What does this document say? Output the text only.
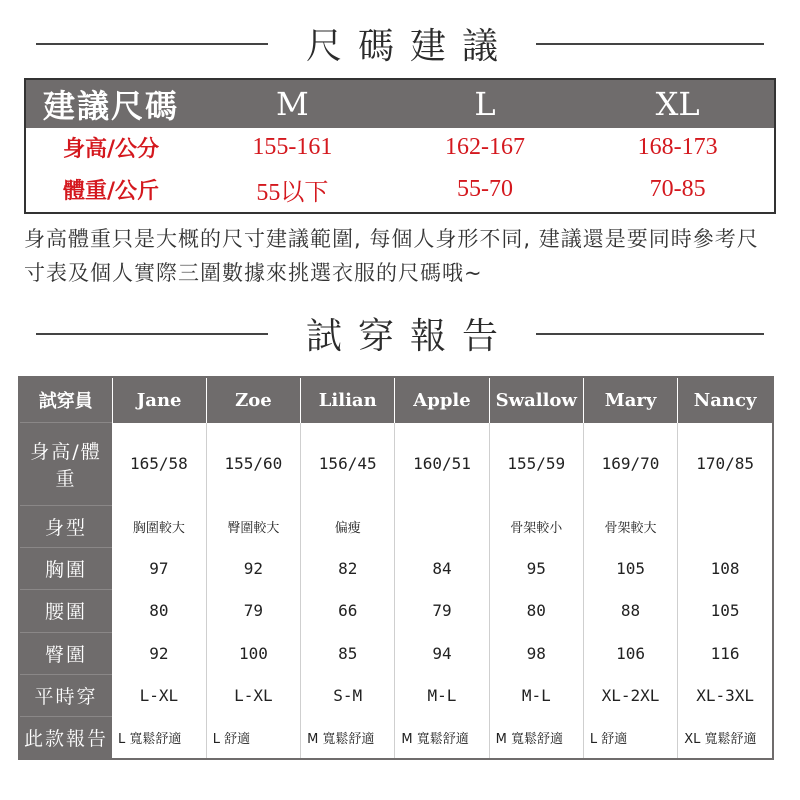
尺碼建議
建議尺碼	M	L	XL
身高/公分	155-161	162-167	168-173
體重/公斤	55以下	55-70	70-85
身高體重只是大概的尺寸建議範圍, 每個人身形不同, 建議還是要同時參考尺寸表及個人實際三圍數據來挑選衣服的尺碼哦~
試穿報告
試穿員	Jane	Zoe	Lilian	Apple	Swallow	Mary	Nancy
身高/體重	165/58	155/60	156/45	160/51	155/59	169/70	170/85
身型	胸圍較大	臀圍較大	偏瘦		骨架較小	骨架較大	
胸圍	97	92	82	84	95	105	108
腰圍	80	79	66	79	80	88	105
臀圍	92	100	85	94	98	106	116
平時穿	L-XL	L-XL	S-M	M-L	M-L	XL-2XL	XL-3XL
此款報告	L 寬鬆舒適	L 舒適	M 寬鬆舒適	M 寬鬆舒適	M 寬鬆舒適	L 舒適	XL 寬鬆舒適
